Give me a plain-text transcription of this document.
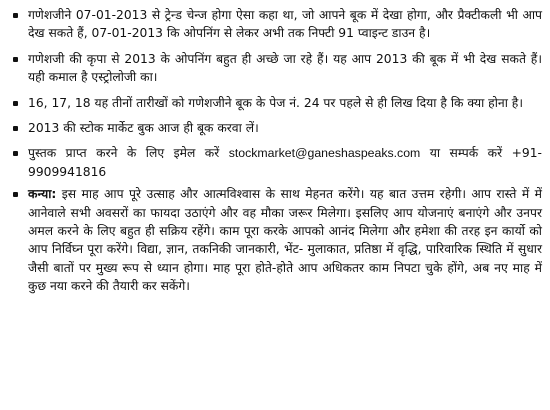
गणेशजीने 07-01-2013 से ट्रेन्ड चेन्ज होगा ऐसा कहा था, जो आपने बूक में देखा होगा, और प्रैक्टीकली भी आप देख सकते हैं, 07-01-2013 कि ओपनिंग से लेकर अभी तक निफ्टी 91 प्वाइन्ट डाउन है।
गणेशजी की कृपा से 2013 के ओपनिंग बहुत ही अच्छे जा रहे हैं। यह आप 2013 की बूक में भी देख सकते हैं। यही कमाल है एस्ट्रोलोजी का।
16, 17, 18 यह तीनों तारीखों को गणेशजीने बूक के पेज नं. 24 पर पहले से ही लिख दिया है कि क्या होना है।
2013 की स्टोक मार्केट बुक आज ही बूक करवा लें।
पुस्तक प्राप्त करने के लिए इमेल करें stockmarket@ganeshaspeaks.com या सम्पर्क करें +91-9909941816
कन्या: इस माह आप पूरे उत्साह और आत्मविश्वास के साथ मेहनत करेंगे। यह बात उत्तम रहेगी। आप रास्ते में में आनेवाले सभी अवसरों का फायदा उठाएंगे और वह मौका जरूर मिलेगा। इसलिए आप योजनाएं बनाएंगे और उनपर अमल करने के लिए बहुत ही सक्रिय रहेंगे। काम पूरा करके आपको आनंद मिलेगा और हमेशा की तरह इन कार्यो को आप निर्विघ्न पूरा करेंगे। विद्या, ज्ञान, तकनिकी जानकारी, भेंट- मुलाकात, प्रतिष्ठा में वृद्धि, पारिवारिक स्थिति में सुधार जैसी बातों पर मुख्य रूप से ध्यान होगा। माह पूरा होते-होते आप अधिकतर काम निपटा चुके होंगे, अब नए माह में कुछ नया करने की तैयारी कर सकेंगे।
